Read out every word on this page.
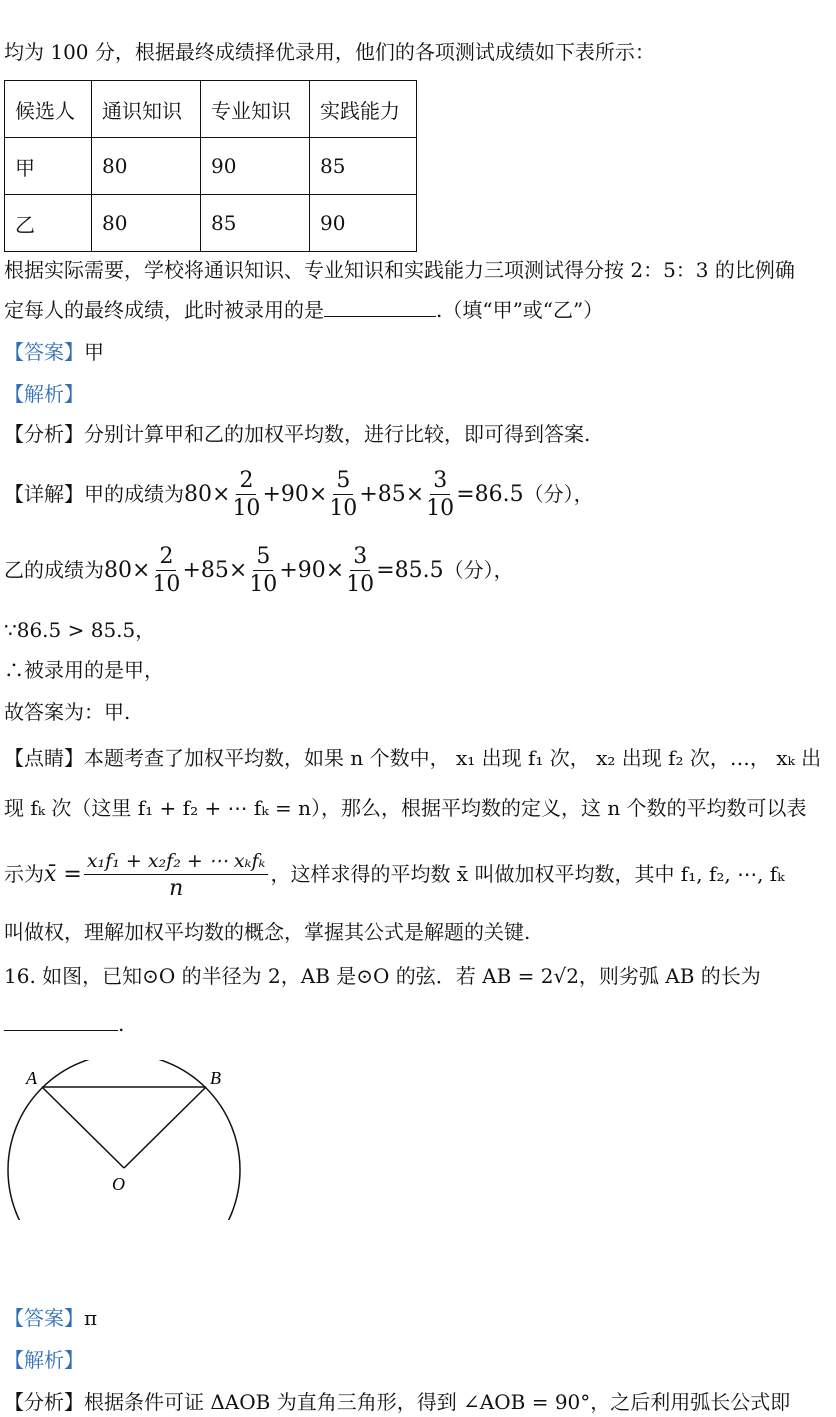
均为 100 分，根据最终成绩择优录用，他们的各项测试成绩如下表所示：
候选人	通识知识	专业知识	实践能力
甲	80	90	85
乙	80	85	90
根据实际需要，学校将通识知识、专业知识和实践能力三项测试得分按 2：5：3 的比例确
定每人的最终成绩，此时被录用的是	.（填“甲”或“乙”）
【答案】甲
【解析】
【分析】分别计算甲和乙的加权平均数，进行比较，即可得到答案.
【详解】甲的成绩为$80\times \frac{2}{10} +90\times \frac{5}{10} +85\times \frac{3}{10} =86.5$（分），
乙的成绩为$80\times \frac{2}{10} +85\times \frac{5}{10} +90\times \frac{3}{10} =85.5$（分），
∵86.5 > 85.5，
∴被录用的是甲，
故答案为：甲.
【点睛】本题考查了加权平均数，如果 n 个数中， x₁ 出现 f₁ 次， x₂ 出现 f₂ 次，…， xₖ 出
现 fₖ 次（这里 f₁ + f₂ + ⋯ fₖ = n），那么，根据平均数的定义，这 n 个数的平均数可以表
示为x̄ = $\frac{\text{x₁f₁ + x₂f₂ + ⋯ xₖfₖ}}{n}$ ，这样求得的平均数 x̄ 叫做加权平均数，其中 f₁, f₂, ⋯, fₖ
叫做权，理解加权平均数的概念，掌握其公式是解题的关键.
16. 如图，已知⊙O 的半径为 2，AB 是⊙O 的弦．若 AB = 2√2，则劣弧 AB 的长为
.
A	B
O
【答案】π
【解析】
【分析】根据条件可证 ΔAOB 为直角三角形，得到 ∠AOB = 90°，之后利用弧长公式即
